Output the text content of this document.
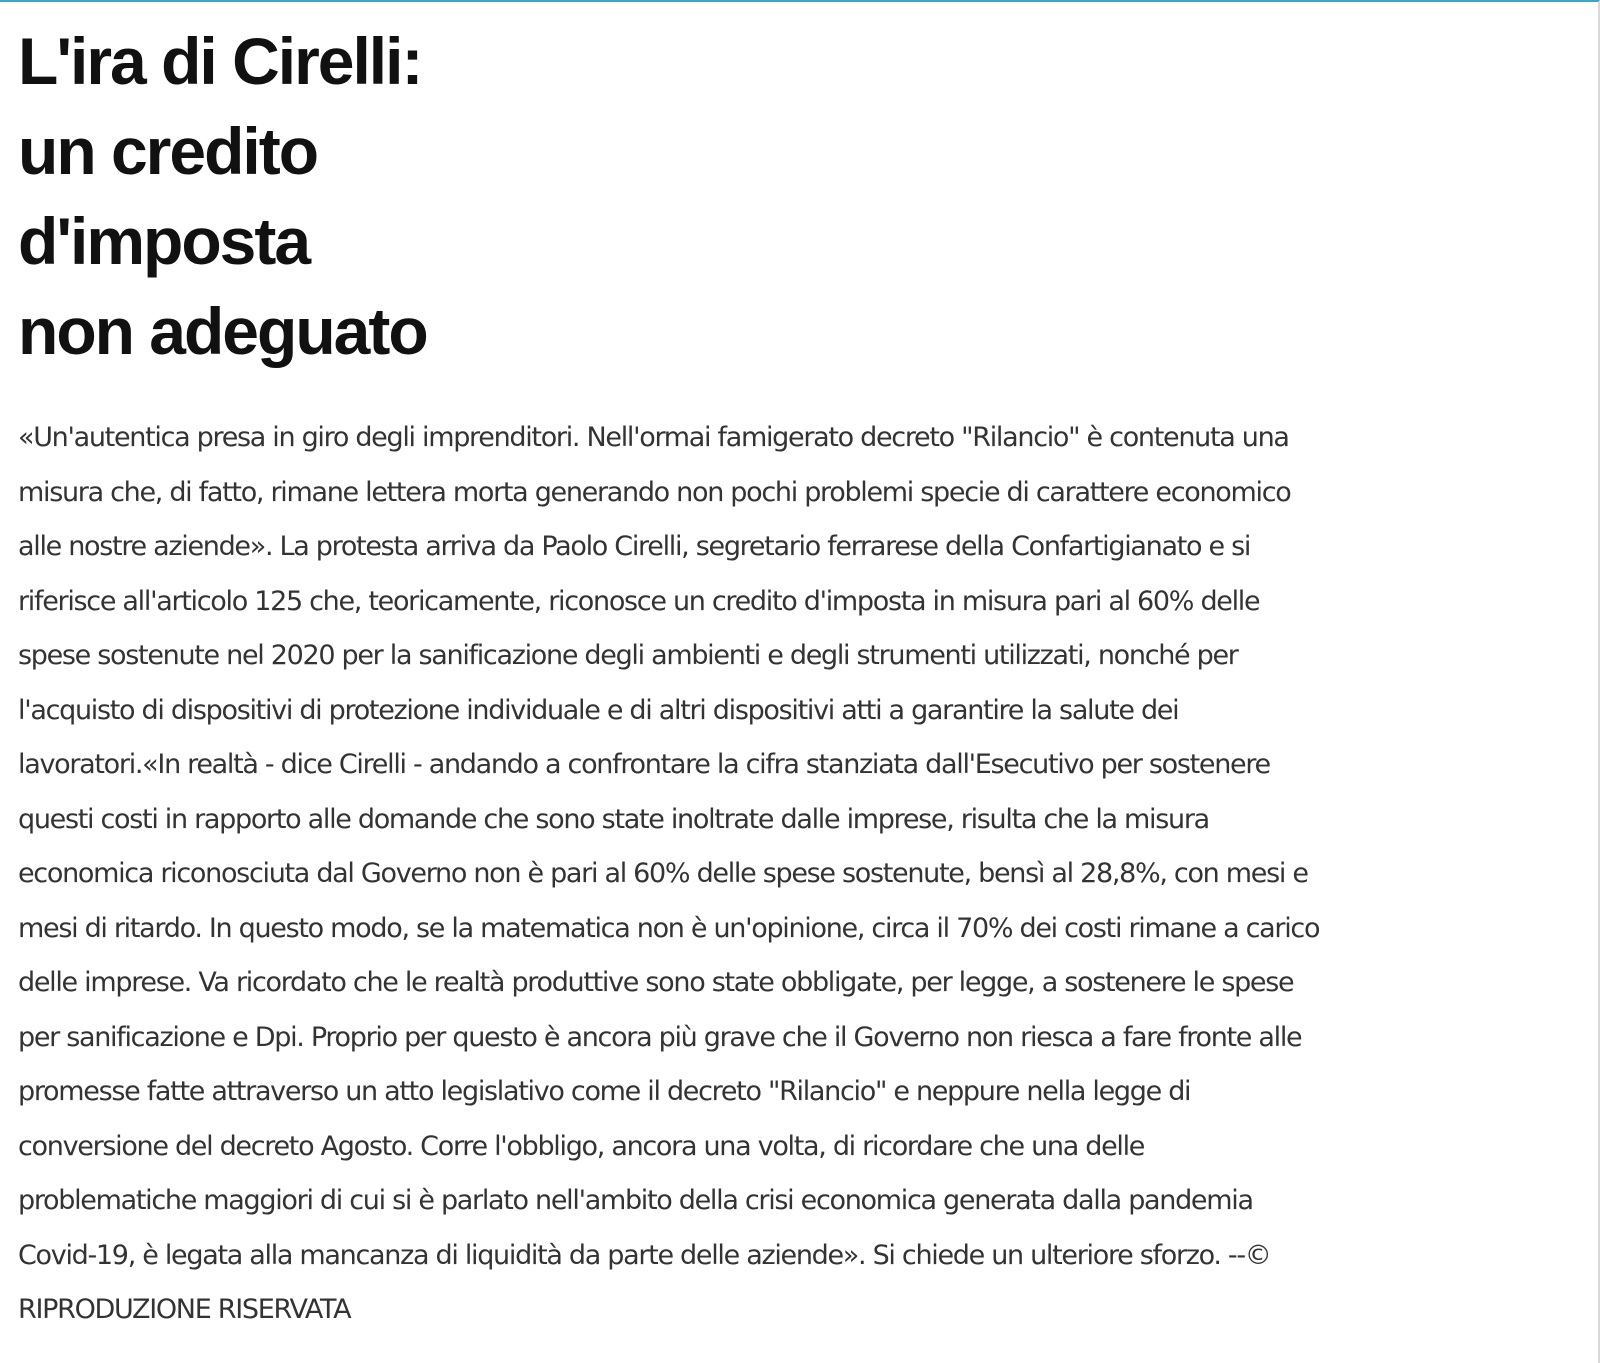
L'ira di Cirelli:
un credito
d'imposta
non adeguato

«Un'autentica presa in giro degli imprenditori. Nell'ormai famigerato decreto "Rilancio" è contenuta una
misura che, di fatto, rimane lettera morta generando non pochi problemi specie di carattere economico
alle nostre aziende». La protesta arriva da Paolo Cirelli, segretario ferrarese della Confartigianato e si
riferisce all'articolo 125 che, teoricamente, riconosce un credito d'imposta in misura pari al 60% delle
spese sostenute nel 2020 per la sanificazione degli ambienti e degli strumenti utilizzati, nonché per
l'acquisto di dispositivi di protezione individuale e di altri dispositivi atti a garantire la salute dei
lavoratori.«In realtà - dice Cirelli - andando a confrontare la cifra stanziata dall'Esecutivo per sostenere
questi costi in rapporto alle domande che sono state inoltrate dalle imprese, risulta che la misura
economica riconosciuta dal Governo non è pari al 60% delle spese sostenute, bensì al 28,8%, con mesi e
mesi di ritardo. In questo modo, se la matematica non è un'opinione, circa il 70% dei costi rimane a carico
delle imprese. Va ricordato che le realtà produttive sono state obbligate, per legge, a sostenere le spese
per sanificazione e Dpi. Proprio per questo è ancora più grave che il Governo non riesca a fare fronte alle
promesse fatte attraverso un atto legislativo come il decreto "Rilancio" e neppure nella legge di
conversione del decreto Agosto. Corre l'obbligo, ancora una volta, di ricordare che una delle
problematiche maggiori di cui si è parlato nell'ambito della crisi economica generata dalla pandemia
Covid-19, è legata alla mancanza di liquidità da parte delle aziende». Si chiede un ulteriore sforzo. --©
RIPRODUZIONE RISERVATA
